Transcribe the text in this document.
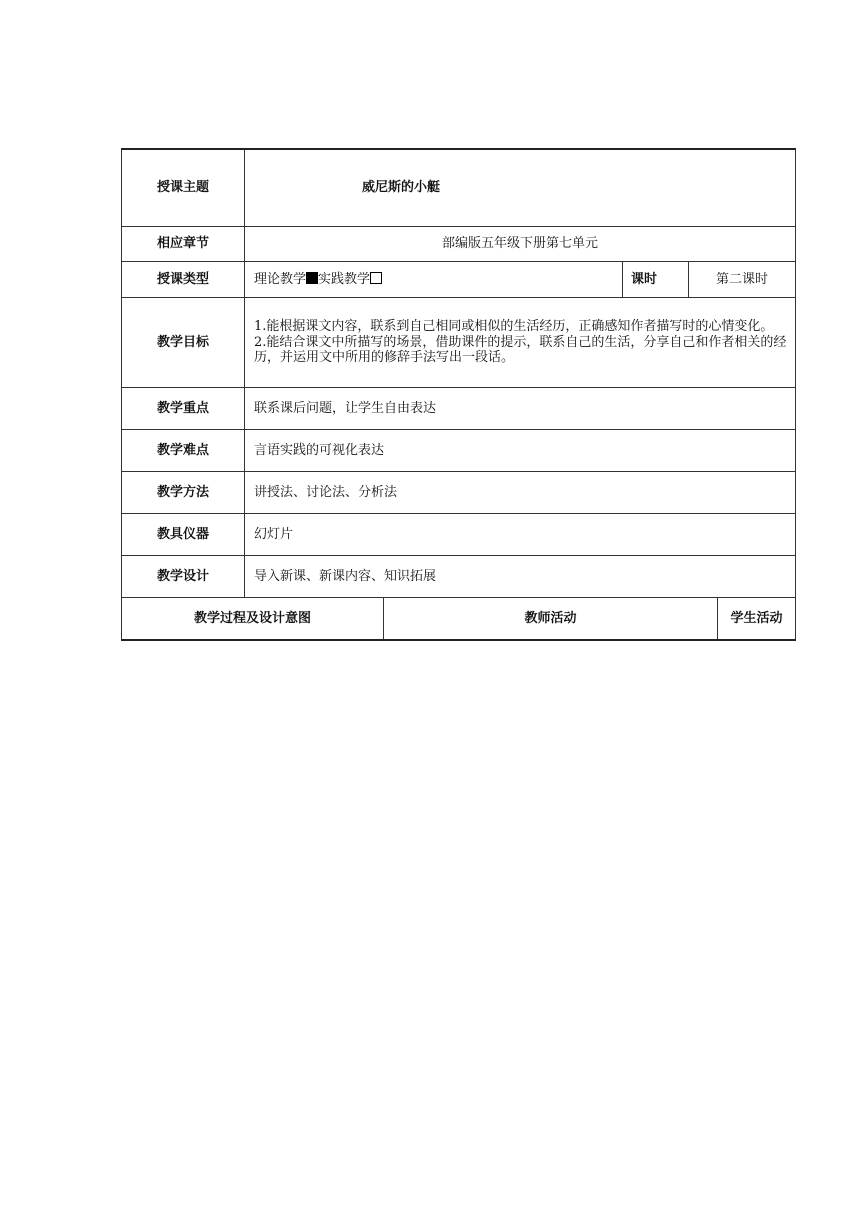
授课主题	威尼斯的小艇				
相应章节	部编版五年级下册第七单元				
授课类型	理论教学 实践教学		课时	第二课时	
教学目标	1.能根据课文内容，联系到自己相同或相似的生活经历，正确感知作者描写时的心情变化。
2.能结合课文中所描写的场景，借助课件的提示，联系自己的生活，分享自己和作者相关的经历，并运用文中所用的修辞手法写出一段话。				

教学重点	联系课后问题，让学生自由表达				
教学难点	言语实践的可视化表达				
教学方法	讲授法、讨论法、分析法				
教具仪器	幻灯片				
教学设计	导入新课、新课内容、知识拓展				
教学过程及设计意图		教师活动			学生活动
